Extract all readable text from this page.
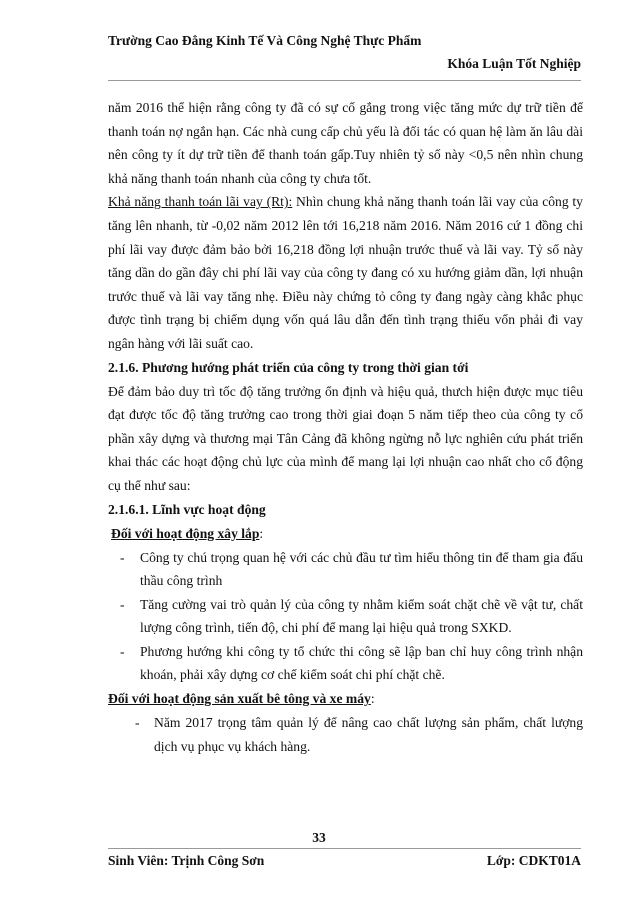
Trường Cao Đẳng Kinh Tế Và Công Nghệ Thực Phẩm
Khóa Luận Tốt Nghiệp

năm 2016 thể hiện rằng công ty đã có sự cố gắng trong việc tăng mức dự trữ tiền để thanh toán nợ ngắn hạn. Các nhà cung cấp chủ yếu là đối tác có quan hệ làm ăn lâu dài nên công ty ít dự trữ tiền để thanh toán gấp.Tuy nhiên tỷ số này <0,5 nên nhìn chung khả năng thanh toán nhanh của công ty chưa tốt.

Khả năng thanh toán lãi vay (Rt): Nhìn chung khả năng thanh toán lãi vay của công ty tăng lên nhanh, từ -0,02 năm 2012 lên tới 16,218 năm 2016. Năm 2016 cứ 1 đồng chi phí lãi vay được đảm bảo bởi 16,218 đồng lợi nhuận trước thuế và lãi vay. Tỷ số này tăng dần do gần đây chi phí lãi vay của công ty đang có xu hướng giảm dần, lợi nhuận trước thuế và lãi vay tăng nhẹ. Điều này chứng tỏ công ty đang ngày càng khắc phục được tình trạng bị chiếm dụng vốn quá lâu dẫn đến tình trạng thiếu vốn phải đi vay ngân hàng với lãi suất cao.

2.1.6. Phương hướng phát triển của công ty trong thời gian tới

Để đảm bảo duy trì tốc độ tăng trưởng ổn định và hiệu quả, thưch hiện được mục tiêu đạt được tốc độ tăng trưởng cao trong thời giai đoạn 5 năm tiếp theo của công ty cổ phần xây dựng và thương mại Tân Cảng đã không ngừng nỗ lực nghiên cứu phát triển khai thác các hoạt động chủ lực của mình để mang lại lợi nhuận cao nhất cho cổ động cụ thể như sau:

2.1.6.1. Lĩnh vực hoạt động

Đối với hoạt động xây lắp:

- Công ty chú trọng quan hệ với các chủ đầu tư tìm hiểu thông tin để tham gia đấu thầu công trình
- Tăng cường vai trò quản lý của công ty nhằm kiểm soát chặt chẽ về vật tư, chất lượng công trình, tiến độ, chi phí để mang lại hiệu quả trong SXKD.
- Phương hướng khi công ty tổ chức thi công sẽ lập ban chỉ huy công trình nhận khoán, phải xây dựng cơ chế kiểm soát chi phí chặt chẽ.

Đối với hoạt động sản xuất bê tông và xe máy:

- Năm 2017 trọng tâm quản lý để nâng cao chất lượng sản phẩm, chất lượng dịch vụ phục vụ khách hàng.
33
Sinh Viên: Trịnh Công Sơn	Lớp: CDKT01A
